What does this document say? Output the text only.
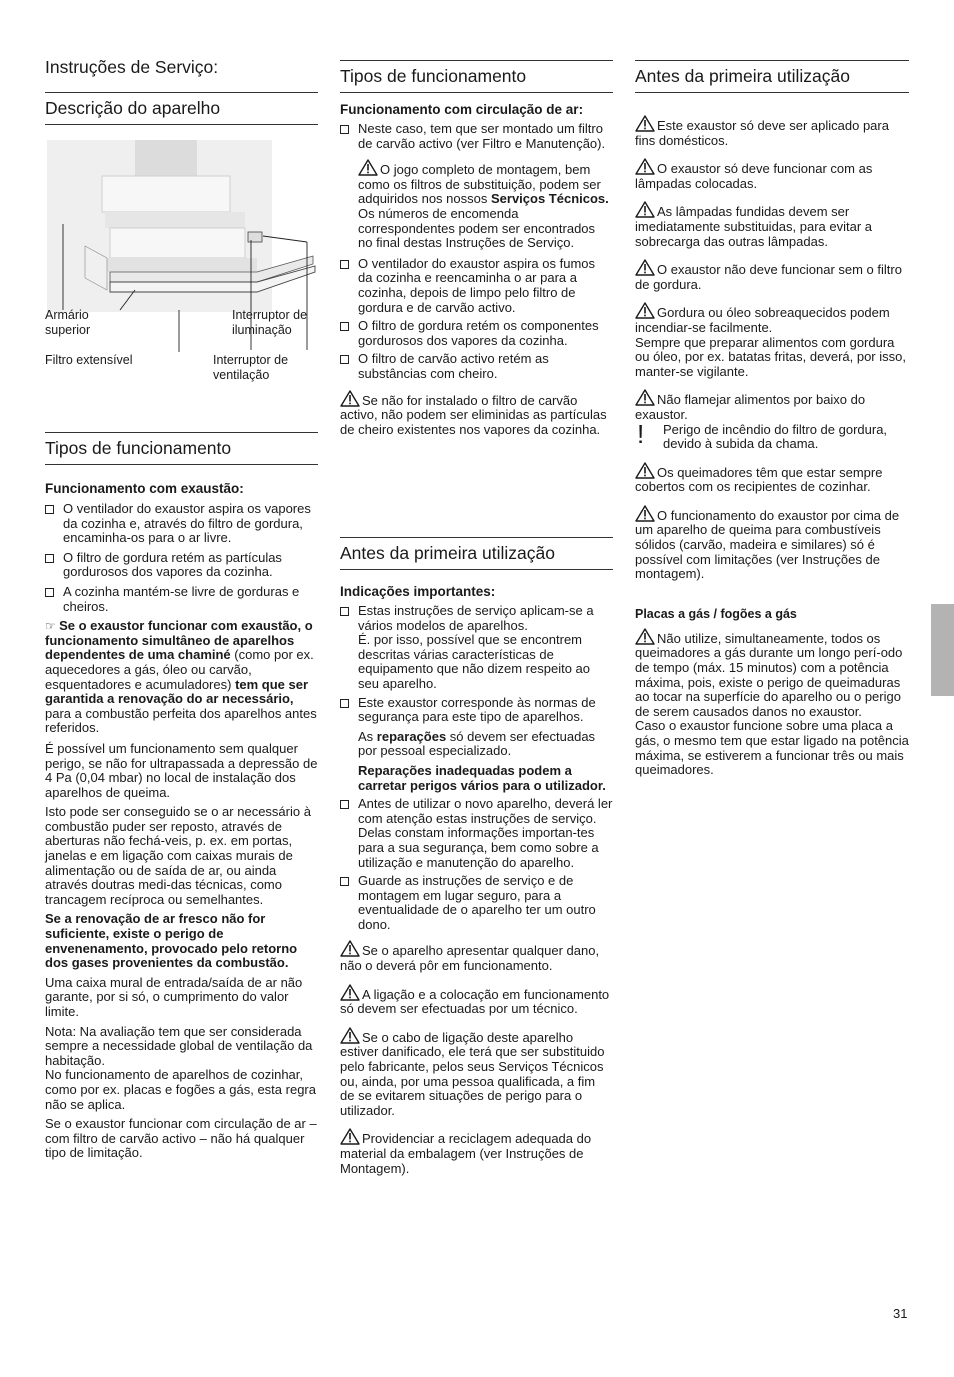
Instruções de Serviço:
Descrição do aparelho
Armário
superior
Interruptor de
iluminação
Filtro extensível	Interruptor de
ventilação
Tipos de funcionamento

Funcionamento com exaustão:

O ventilador do exaustor aspira os vapores da cozinha e, através do filtro de gordura, encaminha-os para o ar livre.
O filtro de gordura retém as partículas gordurosos dos vapores da cozinha.
A cozinha mantém-se livre de gorduras e cheiros.

☞ Se o exaustor funcionar com exaustão, o funcionamento simultâneo de aparelhos dependentes de uma chaminé (como por ex. aquecedores a gás, óleo ou carvão, esquentadores e acumuladores) tem que ser garantida a renovação do ar necessário, para a combustão perfeita dos aparelhos antes referidos.

É possível um funcionamento sem qualquer perigo, se não for ultrapassada a depressão de 4 Pa (0,04 mbar) no local de instalação dos aparelhos de queima.

Isto pode ser conseguido se o ar necessário à combustão puder ser reposto, através de aberturas não fechá-veis, p. ex. em portas, janelas e em ligação com caixas murais de alimentação ou de saída de ar, ou ainda através doutras medi-das técnicas, como trancagem recíproca ou semelhantes.

Se a renovação de ar fresco não for suficiente, existe o perigo de envenenamento, provocado pelo retorno dos gases provenientes da combustão.

Uma caixa mural de entrada/saída de ar não garante, por si só, o cumprimento do valor limite.

Nota: Na avaliação tem que ser considerada sempre a necessidade global de ventilação da habitação.
No funcionamento de aparelhos de cozinhar, como por ex. placas e fogões a gás, esta regra não se aplica.

Se o exaustor funcionar com circulação de ar – com filtro de carvão activo – não há qualquer tipo de limitação.

Tipos de funcionamento

Funcionamento com circulação de ar:

Neste caso, tem que ser montado um filtro de carvão activo (ver Filtro e Manutenção).
O jogo completo de montagem, bem como os filtros de substituição, podem ser adquiridos nos nossos Serviços Técnicos.
Os números de encomenda correspondentes podem ser encontrados no final destas Instruções de Serviço.
O ventilador do exaustor aspira os fumos da cozinha e reencaminha o ar para a cozinha, depois de limpo pelo filtro de gordura e de carvão activo.
O filtro de gordura retém os componentes gordurosos dos vapores da cozinha.
O filtro de carvão activo retém as substâncias com cheiro.

Se não for instalado o filtro de carvão activo, não podem ser eliminidas as partículas de cheiro existentes nos vapores da cozinha.

Antes da primeira utilização

Indicações importantes:

Estas instruções de serviço aplicam-se a vários modelos de aparelhos.
É. por isso, possível que se encontrem descritas várias características de equipamento que não dizem respeito ao seu aparelho.
Este exaustor corresponde às normas de segurança para este tipo de aparelhos.

As reparações só devem ser efectuadas por pessoal especializado.

Reparações inadequadas podem a carretar perigos vários para o utilizador.

Antes de utilizar o novo aparelho, deverá ler com atenção estas instruções de serviço.
Delas constam informações importan-tes para a sua segurança, bem como sobre a utilização e manutenção do aparelho.
Guarde as instruções de serviço e de montagem em lugar seguro, para a eventualidade de o aparelho ter um outro dono.

Se o aparelho apresentar qualquer dano, não o deverá pôr em funcionamento.

A ligação e a colocação em funcionamento só devem ser efectuadas por um técnico.

Se o cabo de ligação deste aparelho estiver danificado, ele terá que ser substituido pelo fabricante, pelos seus Serviços Técnicos ou, ainda, por uma pessoa qualificada, a fim de se evitarem situações de perigo para o utilizador.

Providenciar a reciclagem adequada do material da embalagem (ver Instruções de Montagem).

Antes da primeira utilização

Este exaustor só deve ser aplicado para fins domésticos.

O exaustor só deve funcionar com as lâmpadas colocadas.

As lâmpadas fundidas devem ser imediatamente substituidas, para evitar a sobrecarga das outras lâmpadas.

O exaustor não deve funcionar sem o filtro de gordura.

Gordura ou óleo sobreaquecidos podem incendiar-se facilmente.
Sempre que preparar alimentos com gordura ou óleo, por ex. batatas fritas, deverá, por isso, manter-se vigilante.

Não flamejar alimentos por baixo do exaustor.

! Perigo de incêndio do filtro de gordura, devido à subida da chama.

Os queimadores têm que estar sempre cobertos com os recipientes de cozinhar.

O funcionamento do exaustor por cima de um aparelho de queima para combustíveis sólidos (carvão, madeira e similares) só é possível com limitações (ver Instruções de montagem).

Placas a gás / fogões a gás

Não utilize, simultaneamente, todos os queimadores a gás durante um longo perí-odo de tempo (máx. 15 minutos) com a potência máxima, pois, existe o perigo de queimaduras ao tocar na superfície do aparelho ou o perigo de serem causados danos no exaustor.
Caso o exaustor funcione sobre uma placa a gás, o mesmo tem que estar ligado na potência máxima, se estiverem a funcionar três ou mais queimadores.

31
